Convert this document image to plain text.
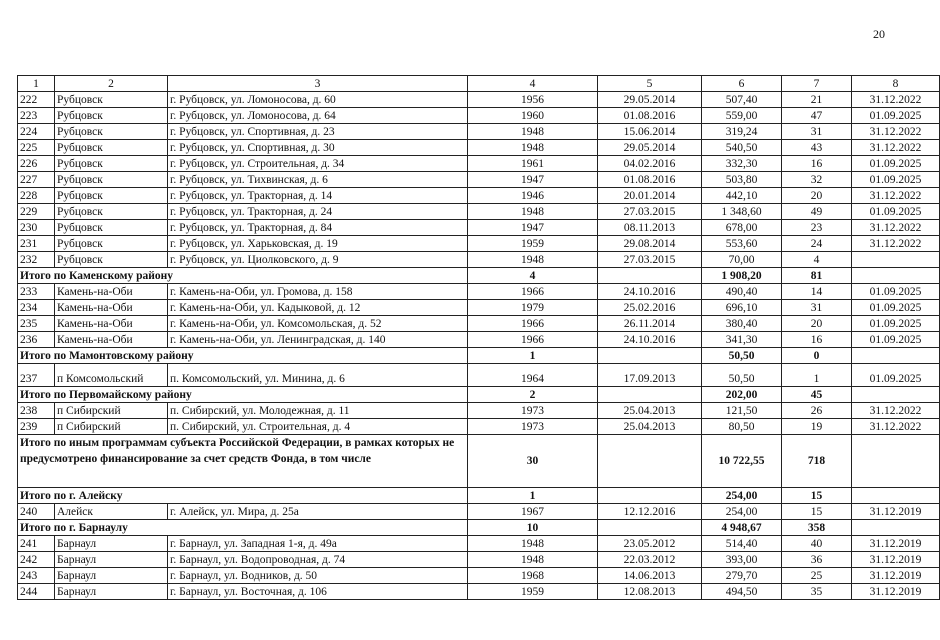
20
1	2	3	4	5	6	7	8
222	Рубцовск	г. Рубцовск, ул. Ломоносова, д. 60	1956	29.05.2014	507,40	21	31.12.2022
223	Рубцовск	г. Рубцовск, ул. Ломоносова, д. 64	1960	01.08.2016	559,00	47	01.09.2025
224	Рубцовск	г. Рубцовск, ул. Спортивная, д. 23	1948	15.06.2014	319,24	31	31.12.2022
225	Рубцовск	г. Рубцовск, ул. Спортивная, д. 30	1948	29.05.2014	540,50	43	31.12.2022
226	Рубцовск	г. Рубцовск, ул. Строительная, д. 34	1961	04.02.2016	332,30	16	01.09.2025
227	Рубцовск	г. Рубцовск, ул. Тихвинская, д. 6	1947	01.08.2016	503,80	32	01.09.2025
228	Рубцовск	г. Рубцовск, ул. Тракторная, д. 14	1946	20.01.2014	442,10	20	31.12.2022
229	Рубцовск	г. Рубцовск, ул. Тракторная, д. 24	1948	27.03.2015	1 348,60	49	01.09.2025
230	Рубцовск	г. Рубцовск, ул. Тракторная, д. 84	1947	08.11.2013	678,00	23	31.12.2022
231	Рубцовск	г. Рубцовск, ул. Харьковская, д. 19	1959	29.08.2014	553,60	24	31.12.2022
232	Рубцовск	г. Рубцовск, ул. Циолковского, д. 9	1948	27.03.2015	70,00	4	
Итого по Каменскому району			4		1 908,20	81	
233	Камень-на-Оби	г. Камень-на-Оби, ул. Громова, д. 158	1966	24.10.2016	490,40	14	01.09.2025
234	Камень-на-Оби	г. Камень-на-Оби, ул. Кадыковой, д. 12	1979	25.02.2016	696,10	31	01.09.2025
235	Камень-на-Оби	г. Камень-на-Оби, ул. Комсомольская, д. 52	1966	26.11.2014	380,40	20	01.09.2025
236	Камень-на-Оби	г. Камень-на-Оби, ул. Ленинградская, д. 140	1966	24.10.2016	341,30	16	01.09.2025
Итого по Мамонтовскому району			1		50,50	0	
237	п Комсомольский	п. Комсомольский, ул. Минина, д. 6	1964	17.09.2013	50,50	1	01.09.2025
Итого по Первомайскому району			2		202,00	45	
238	п Сибирский	п. Сибирский, ул. Молодежная, д. 11	1973	25.04.2013	121,50	26	31.12.2022
239	п Сибирский	п. Сибирский, ул. Строительная, д. 4	1973	25.04.2013	80,50	19	31.12.2022
Итого по иным программам субъекта Российской Федерации, в рамках которых не предусмотрено финансирование за счет средств Фонда, в том числе			30		10 722,55	718	
Итого по г. Алейску			1		254,00	15	
240	Алейск	г. Алейск, ул. Мира, д. 25а	1967	12.12.2016	254,00	15	31.12.2019
Итого по г. Барнаулу			10		4 948,67	358	
241	Барнаул	г. Барнаул, ул. Западная 1-я, д. 49а	1948	23.05.2012	514,40	40	31.12.2019
242	Барнаул	г. Барнаул, ул. Водопроводная, д. 74	1948	22.03.2012	393,00	36	31.12.2019
243	Барнаул	г. Барнаул, ул. Водников, д. 50	1968	14.06.2013	279,70	25	31.12.2019
244	Барнаул	г. Барнаул, ул. Восточная, д. 106	1959	12.08.2013	494,50	35	31.12.2019
